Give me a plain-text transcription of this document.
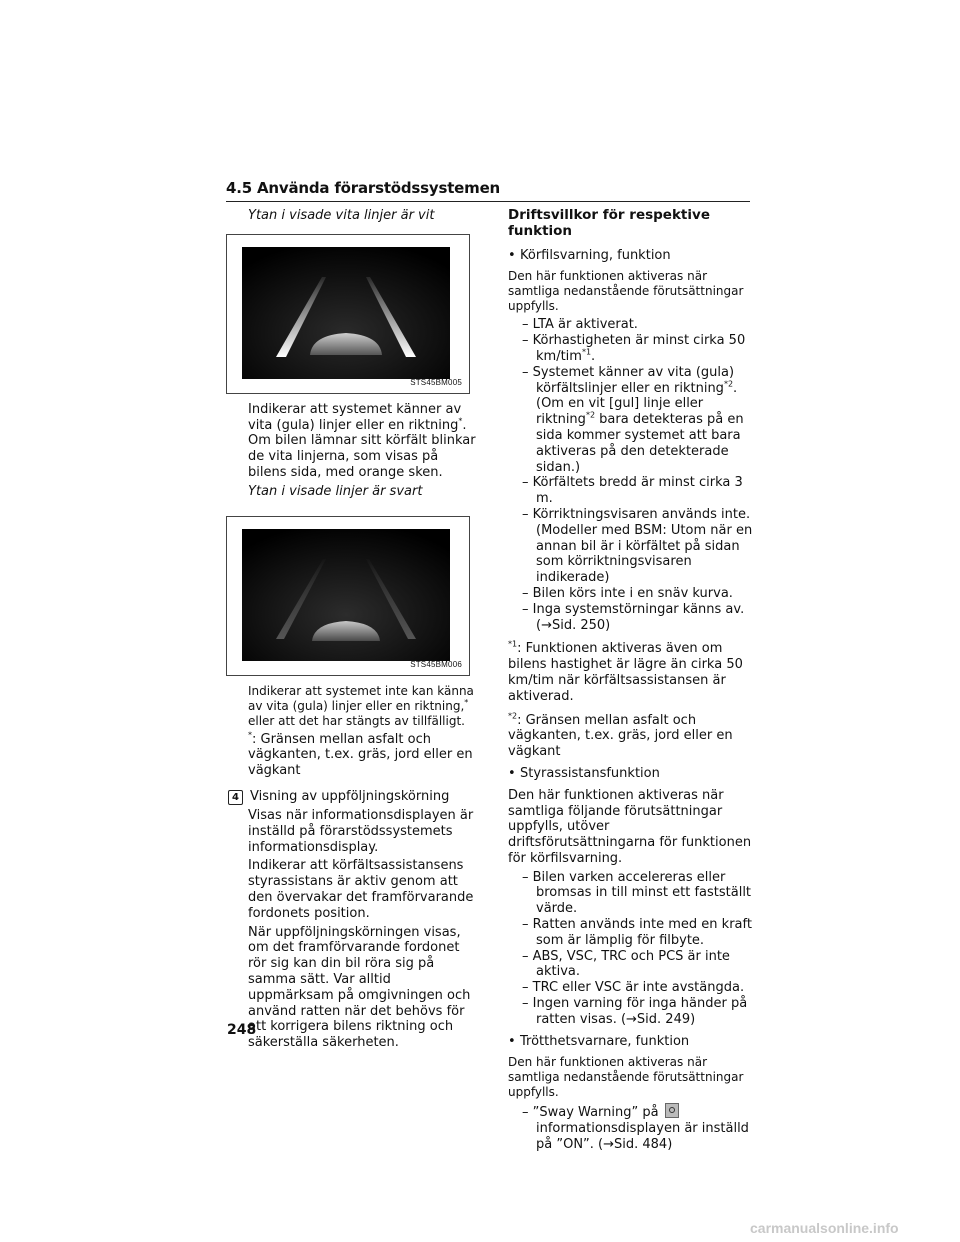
4.5 Använda förarstödssystemen
Ytan i visade vita linjer är vit
STS45BM005
Indikerar att systemet känner av vita (gula) linjer eller en riktning*. Om bilen lämnar sitt körfält blinkar de vita linjerna, som visas på bilens sida, med orange sken.
Ytan i visade linjer är svart
STS45BM006
Indikerar att systemet inte kan känna av vita (gula) linjer eller en riktning,* eller att det har stängts av tillfälligt.
*: Gränsen mellan asfalt och vägkanten, t.ex. gräs, jord eller en vägkant
4 Visning av uppföljningskörning
Visas när informationsdisplayen är inställd på förarstödssystemets informationsdisplay.
Indikerar att körfältsassistansens styrassistans är aktiv genom att den övervakar det framförvarande fordonets position.
När uppföljningskörningen visas, om det framförvarande fordonet rör sig kan din bil röra sig på samma sätt. Var alltid uppmärksam på omgivningen och använd ratten när det behövs för att korrigera bilens riktning och säkerställa säkerheten.
Driftsvillkor för respektive funktion
• Körfilsvarning, funktion
Den här funktionen aktiveras när samtliga nedanstående förutsättningar uppfylls.
– LTA är aktiverat.
– Körhastigheten är minst cirka 50 km/tim$^{*1}$.
– Systemet känner av vita (gula) körfältslinjer eller en riktning$^{*2}$. (Om en vit [gul] linje eller riktning$^{*2}$ bara detekteras på en sida kommer systemet att bara aktiveras på den detekterade sidan.)
– Körfältets bredd är minst cirka 3 m.
– Körriktningsvisaren används inte. (Modeller med BSM: Utom när en annan bil är i körfältet på sidan som körriktningsvisaren indikerade)
– Bilen körs inte i en snäv kurva.
– Inga systemstörningar känns av. (→Sid. 250)
$^{*1}$: Funktionen aktiveras även om bilens hastighet är lägre än cirka 50 km/tim när körfältsassistansen är aktiverad.
$^{*2}$: Gränsen mellan asfalt och vägkanten, t.ex. gräs, jord eller en vägkant
• Styrassistansfunktion
Den här funktionen aktiveras när samtliga följande förutsättningar uppfylls, utöver driftsförutsättningarna för funktionen för körfilsvarning.
– Bilen varken accelereras eller bromsas in till minst ett fastställt värde.
– Ratten används inte med en kraft som är lämplig för filbyte.
– ABS, VSC, TRC och PCS är inte aktiva.
– TRC eller VSC är inte avstängda.
– Ingen varning för inga händer på ratten visas. (→Sid. 249)
• Trötthetsvarnare, funktion
Den här funktionen aktiveras när samtliga nedanstående förutsättningar uppfylls.
– ”Sway Warning” på  informationsdisplayen är inställd på ”ON”. (→Sid. 484)
248
carmanualsonline.info
